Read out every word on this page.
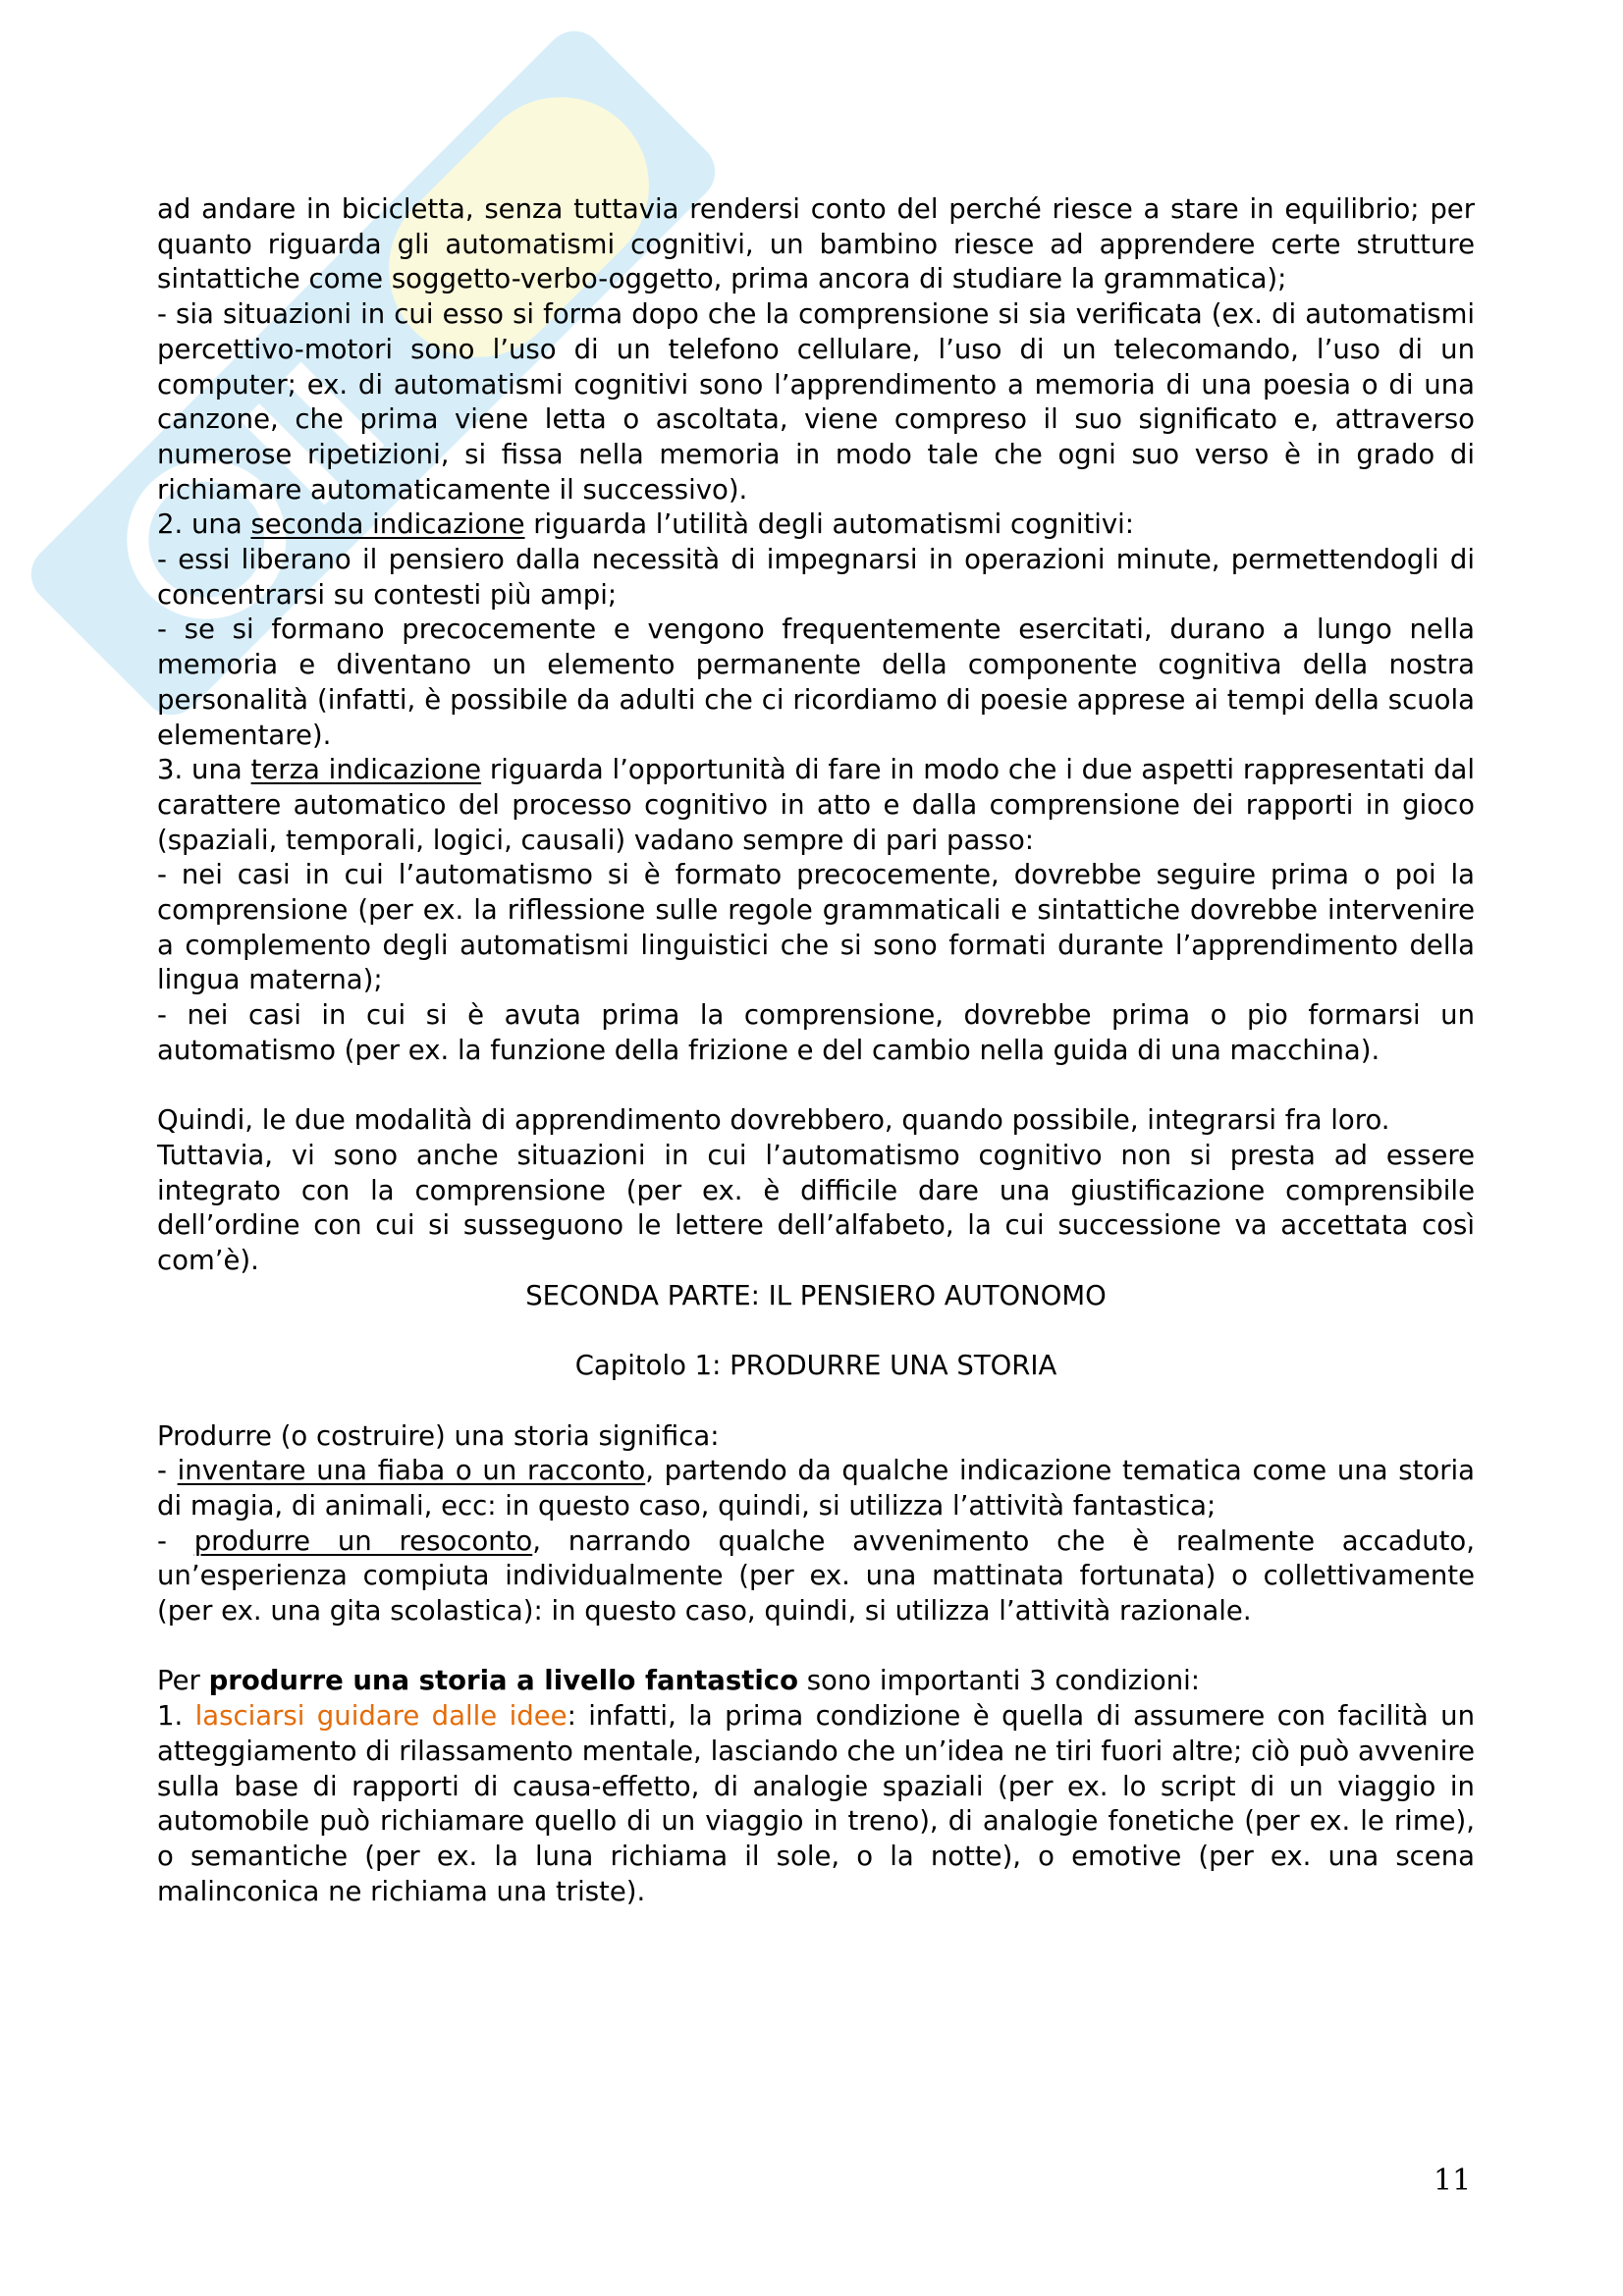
ad andare in bicicletta, senza tuttavia rendersi conto del perché riesce a stare in equilibrio; per quanto riguarda gli automatismi cognitivi, un bambino riesce ad apprendere certe strutture sintattiche come soggetto-verbo-oggetto, prima ancora di studiare la grammatica);

- sia situazioni in cui esso si forma dopo che la comprensione si sia verificata (ex. di automatismi percettivo-motori sono l’uso di un telefono cellulare, l’uso di un telecomando, l’uso di un computer; ex. di automatismi cognitivi sono l’apprendimento a memoria di una poesia o di una canzone, che prima viene letta o ascoltata, viene compreso il suo significato e, attraverso numerose ripetizioni, si fissa nella memoria in modo tale che ogni suo verso è in grado di richiamare automaticamente il successivo).

2. una seconda indicazione riguarda l’utilità degli automatismi cognitivi:

- essi liberano il pensiero dalla necessità di impegnarsi in operazioni minute, permettendogli di concentrarsi su contesti più ampi;

- se si formano precocemente e vengono frequentemente esercitati, durano a lungo nella memoria e diventano un elemento permanente della componente cognitiva della nostra personalità (infatti, è possibile da adulti che ci ricordiamo di poesie apprese ai tempi della scuola elementare).

3. una terza indicazione riguarda l’opportunità di fare in modo che i due aspetti rappresentati dal carattere automatico del processo cognitivo in atto e dalla comprensione dei rapporti in gioco (spaziali, temporali, logici, causali) vadano sempre di pari passo:

- nei casi in cui l’automatismo si è formato precocemente, dovrebbe seguire prima o poi la comprensione (per ex. la riflessione sulle regole grammaticali e sintattiche dovrebbe intervenire a complemento degli automatismi linguistici che si sono formati durante l’apprendimento della lingua materna);

- nei casi in cui si è avuta prima la comprensione, dovrebbe prima o pio formarsi un automatismo (per ex. la funzione della frizione e del cambio nella guida di una macchina).

Quindi, le due modalità di apprendimento dovrebbero, quando possibile, integrarsi fra loro.

Tuttavia, vi sono anche situazioni in cui l’automatismo cognitivo non si presta ad essere integrato con la comprensione (per ex. è difficile dare una giustificazione comprensibile dell’ordine con cui si susseguono le lettere dell’alfabeto, la cui successione va accettata così com’è).

SECONDA PARTE: IL PENSIERO AUTONOMO

Capitolo 1: PRODURRE UNA STORIA

Produrre (o costruire) una storia significa:

- inventare una fiaba o un racconto, partendo da qualche indicazione tematica come una storia di magia, di animali, ecc: in questo caso, quindi, si utilizza l’attività fantastica;

- produrre un resoconto, narrando qualche avvenimento che è realmente accaduto, un’esperienza compiuta individualmente (per ex. una mattinata fortunata) o collettivamente (per ex. una gita scolastica): in questo caso, quindi, si utilizza l’attività razionale.

Per produrre una storia a livello fantastico sono importanti 3 condizioni:

1. lasciarsi guidare dalle idee: infatti, la prima condizione è quella di assumere con facilità un atteggiamento di rilassamento mentale, lasciando che un’idea ne tiri fuori altre; ciò può avvenire sulla base di rapporti di causa-effetto, di analogie spaziali (per ex. lo script di un viaggio in automobile può richiamare quello di un viaggio in treno), di analogie fonetiche (per ex. le rime), o semantiche (per ex. la luna richiama il sole, o la notte), o emotive (per ex. una scena malinconica ne richiama una triste).

11
